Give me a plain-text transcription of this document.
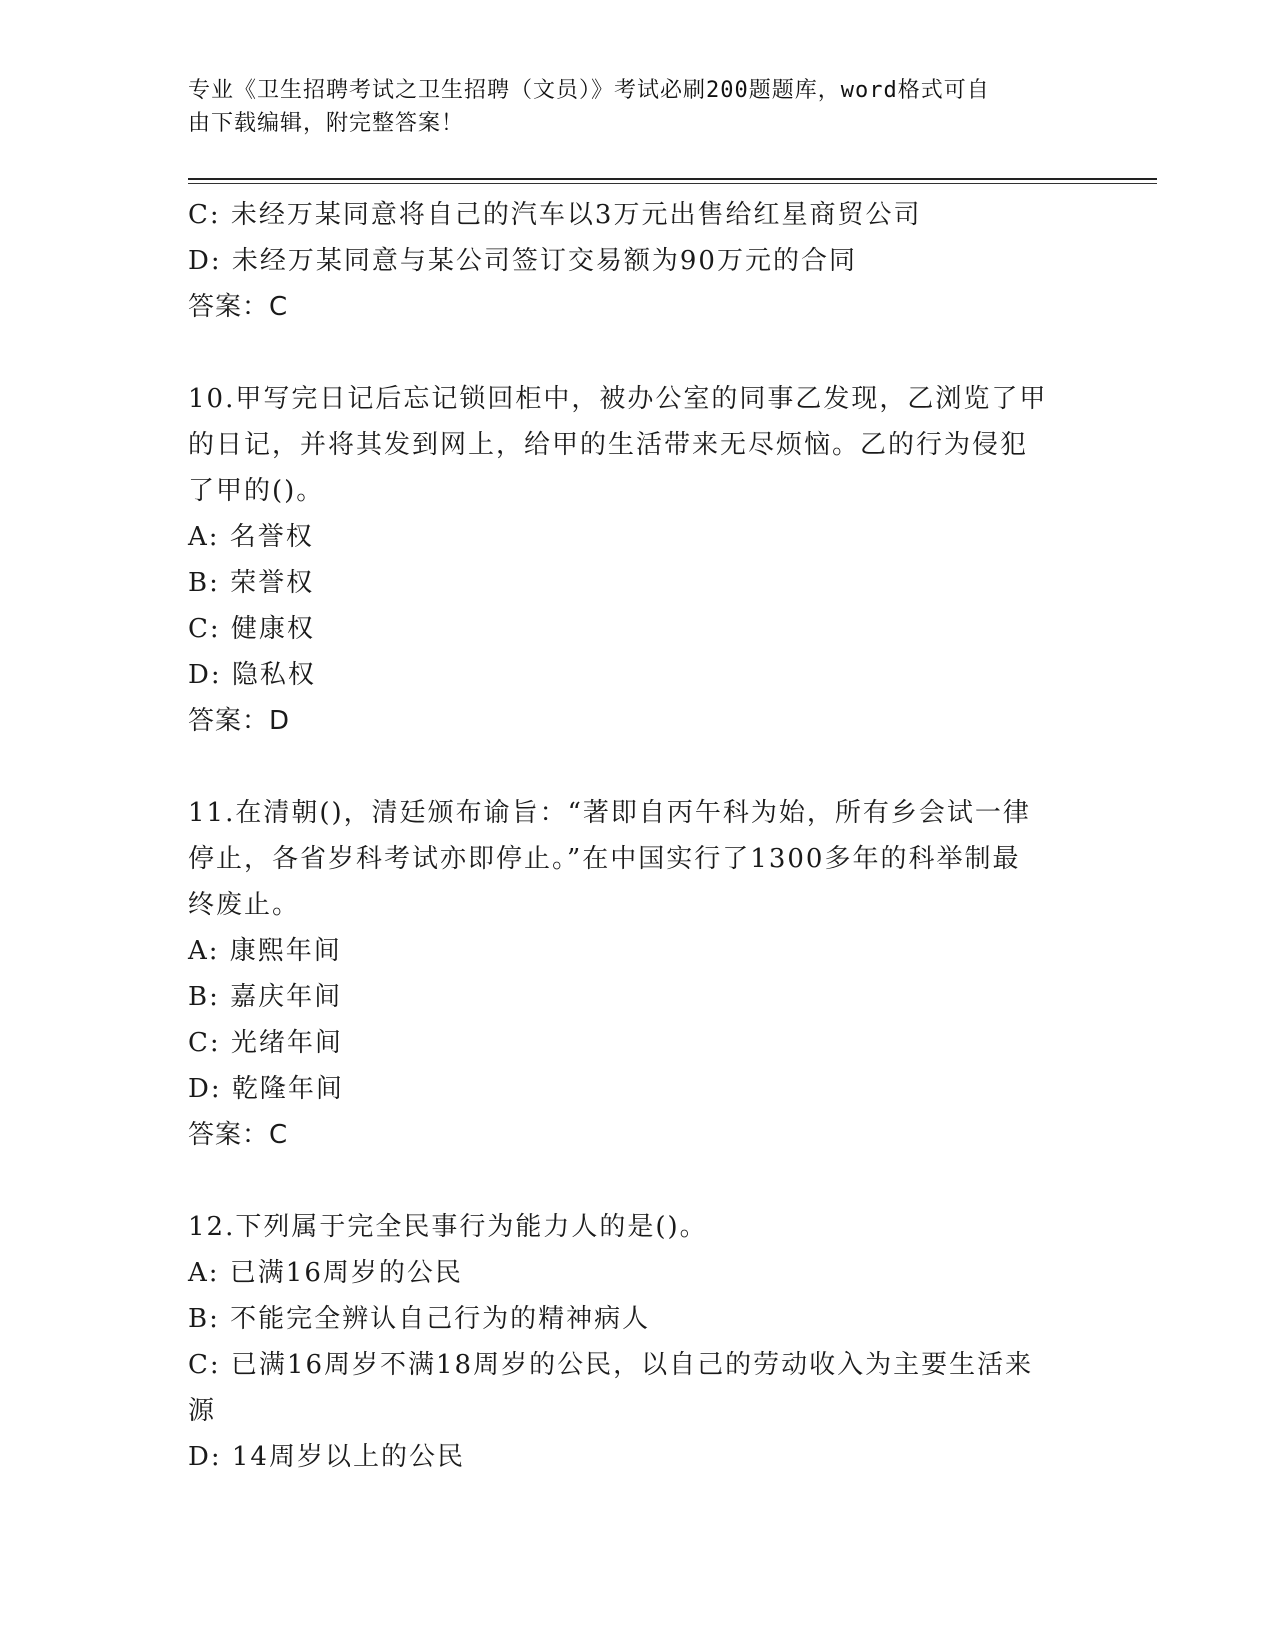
专业《卫生招聘考试之卫生招聘（文员）》考试必刷200题题库，word格式可自
由下载编辑，附完整答案！

C: 未经万某同意将自己的汽车以3万元出售给红星商贸公司

D: 未经万某同意与某公司签订交易额为90万元的合同

答案：C

10.甲写完日记后忘记锁回柜中，被办公室的同事乙发现，乙浏览了甲

的日记，并将其发到网上，给甲的生活带来无尽烦恼。乙的行为侵犯

了甲的()。

A: 名誉权

B: 荣誉权

C: 健康权

D: 隐私权

答案：D

11.在清朝()，清廷颁布谕旨：“著即自丙午科为始，所有乡会试一律

停止，各省岁科考试亦即停止。”在中国实行了1300多年的科举制最

终废止。

A: 康熙年间

B: 嘉庆年间

C: 光绪年间

D: 乾隆年间

答案：C

12.下列属于完全民事行为能力人的是()。

A: 已满16周岁的公民

B: 不能完全辨认自己行为的精神病人

C: 已满16周岁不满18周岁的公民，以自己的劳动收入为主要生活来

源

D: 14周岁以上的公民
